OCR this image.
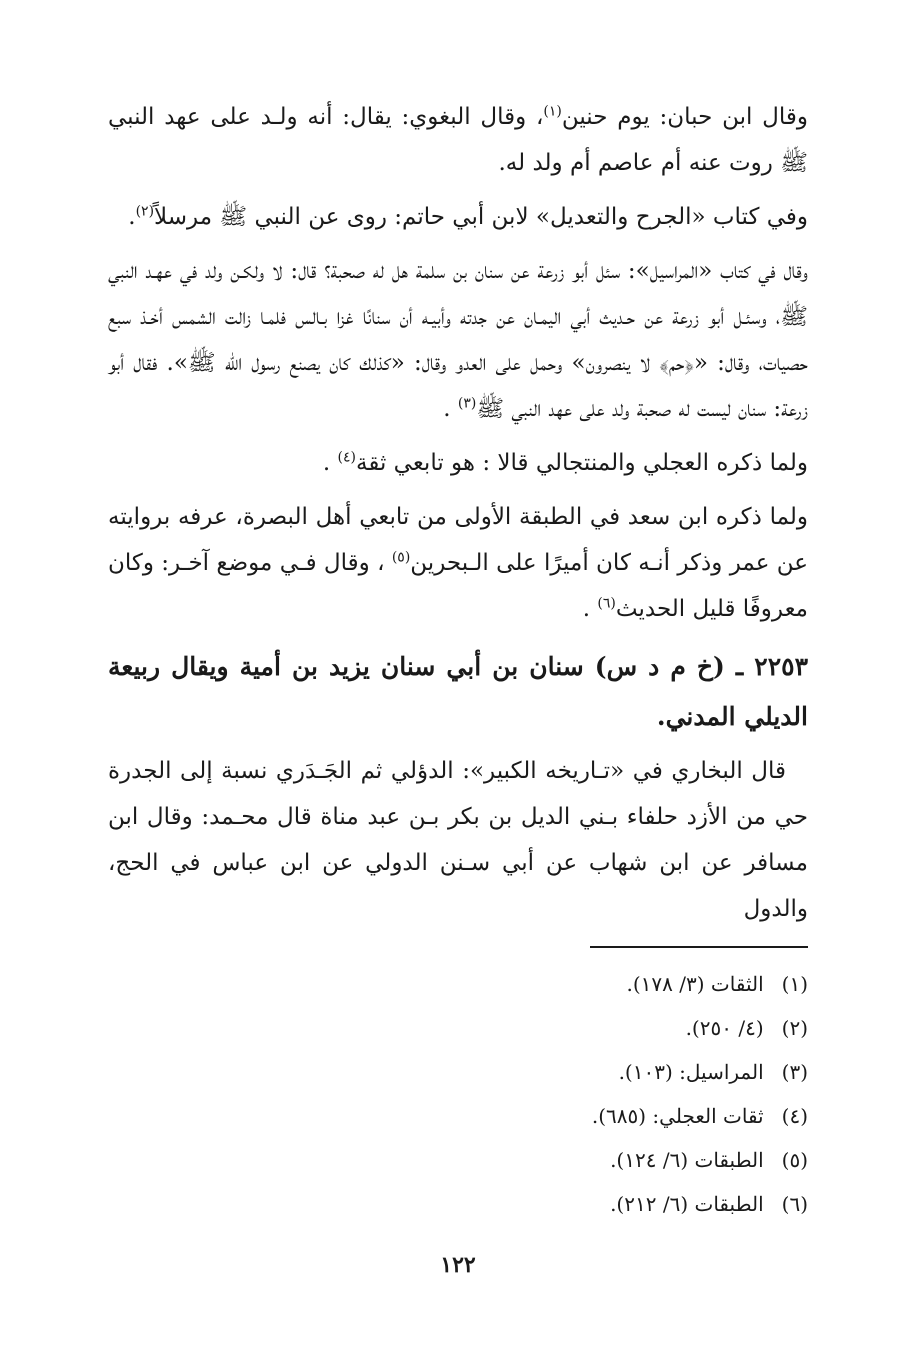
وقال ابن حبان: يوم حنين$^{(١)}$، وقال البغوي: يقال: أنه ولـد على عهد النبي ﷺ روت عنه أم عاصم أم ولد له.

وفي كتاب «الجرح والتعديل» لابن أبي حاتم: روى عن النبي ﷺ مرسلاً$^{(٢)}$.

وقال في كتاب «المراسيل»: سئل أبو زرعة عن سنان بن سلمة هل له صحبة؟ قال: لا ولكـن ولد في عهـد النبي ﷺ، وسئـل أبو زرعة عن حـديث أبي اليمـان عن جدته وأبيـه أن سنانًا غزا بـالس فلمـا زالت الشمس أخـذ سبع حصيات، وقال: «﴿حم﴾ لا ينصرون» وحمل على العدو وقال: «كذلك كان يصنع رسول الله ﷺ». فقال أبو زرعة: سنان ليست له صحبة ولد على عهد النبي ﷺ$^{(٣)}$ .

ولما ذكره العجلي والمنتجالي قالا : هو تابعي ثقة$^{(٤)}$ .

ولما ذكره ابن سعد في الطبقة الأولى من تابعي أهل البصرة، عرفه بروايته عن عمر وذكر أنـه كان أميرًا على الـبحرين$^{(٥)}$ ، وقال فـي موضع آخـر: وكان معروفًا قليل الحديث$^{(٦)}$ .

٢٢٥٣ ـ (خ م د س) سنان بن أبي سنان يزيد بن أمية ويقال ربيعة الديلي المدني.

قال البخاري في «تـاريخه الكبير»: الدؤلي ثم الجَـدَري نسبة إلى الجدرة حي من الأزد حلفاء بـني الديل بن بكر بـن عبد مناة قال محـمد: وقال ابن مسافر عن ابن شهاب عن أبي سـنن الدولي عن ابن عباس في الحج، والدول

(١) الثقات (٣/ ١٧٨).
(٢) (٤/ ٢٥٠).
(٣) المراسيل: (١٠٣).
(٤) ثقات العجلي: (٦٨٥).
(٥) الطبقات (٦/ ١٢٤).
(٦) الطبقات (٦/ ٢١٢).
١٢٢
